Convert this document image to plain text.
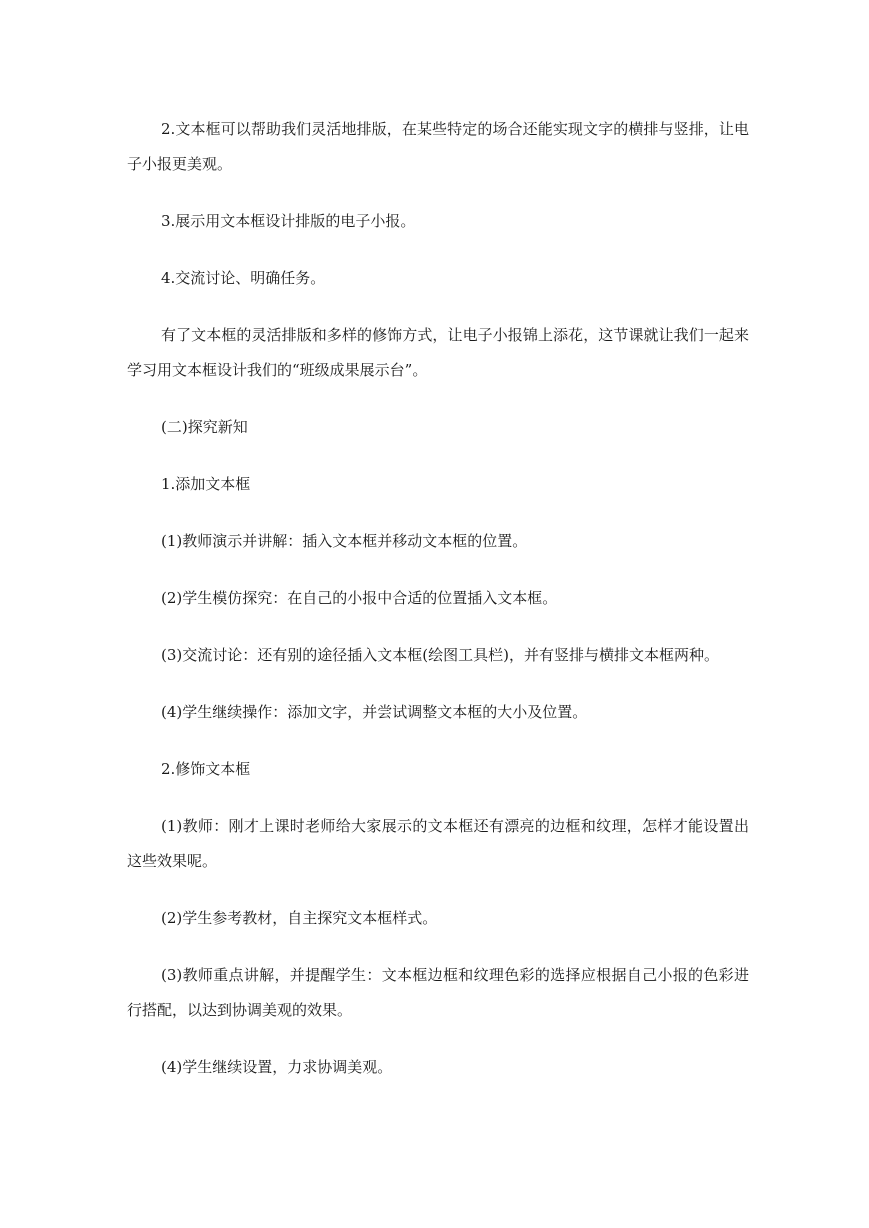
2.文本框可以帮助我们灵活地排版，在某些特定的场合还能实现文字的横排与竖排，让电子小报更美观。

3.展示用文本框设计排版的电子小报。

4.交流讨论、明确任务。

有了文本框的灵活排版和多样的修饰方式，让电子小报锦上添花，这节课就让我们一起来学习用文本框设计我们的“班级成果展示台”。

(二)探究新知

1.添加文本框

(1)教师演示并讲解：插入文本框并移动文本框的位置。

(2)学生模仿探究：在自己的小报中合适的位置插入文本框。

(3)交流讨论：还有别的途径插入文本框(绘图工具栏)，并有竖排与横排文本框两种。

(4)学生继续操作：添加文字，并尝试调整文本框的大小及位置。

2.修饰文本框

(1)教师：刚才上课时老师给大家展示的文本框还有漂亮的边框和纹理，怎样才能设置出这些效果呢。

(2)学生参考教材，自主探究文本框样式。

(3)教师重点讲解，并提醒学生：文本框边框和纹理色彩的选择应根据自己小报的色彩进行搭配，以达到协调美观的效果。

(4)学生继续设置，力求协调美观。
